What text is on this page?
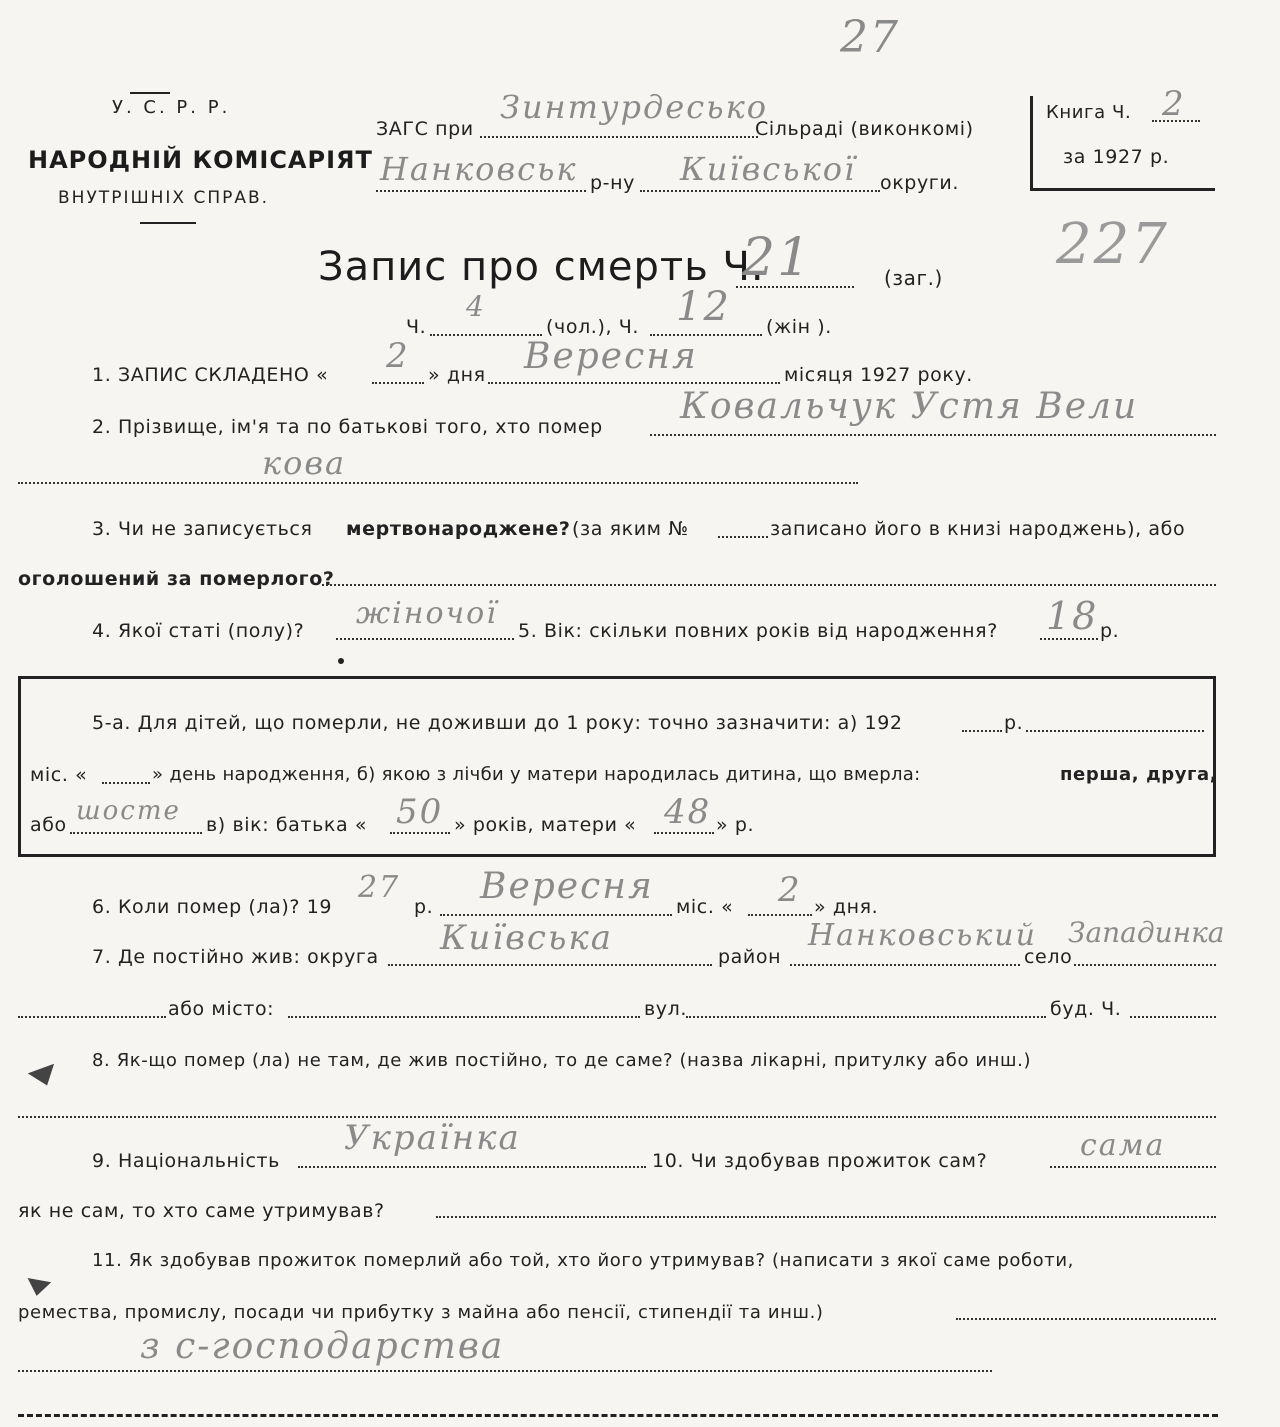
27
227
У. С. Р. Р.
НАРОДНІЙ КОМІСАРІЯТ
ВНУТРІШНІХ СПРАВ.
ЗАГС при
Зинтурдесько
Сільраді (виконкомі)
Нанковськ р-ну Київської округи.
Книга Ч. 2
за 1927 р.
Запис про смерть Ч.
21	(заг.)
Ч.
4
(чол.), Ч. 12 (жін ).
1. ЗАПИС СКЛАДЕНО « 2 » дня Вересня	місяця 1927 року.
2. Прізвище, ім'я та по батькові того, хто помер Ковальчук Устя Вели
кова
3. Чи не записується мертвонароджене? (за яким №	записано його в книзі народжень), або
оголошений за померлого?
4. Якої статі (полу)? жіночої 5. Вік: скільки повних років від народження? 18 р.
5-а. Для дітей, що померли, не доживши до 1 року: точно зазначити: а) 192	р.
міс. «	» день народження, б) якою з лічби у матери народилась дитина, що вмерла:	перша, друга,
або шосте в) вік: батька « 50 » років, матери « 48 » р.
6. Коли помер (ла)? 19
27
р. Вересня міс. « 2 » дня.
7. Де постійно жив: округа Київська	район
Нанковський
село
Западинка
або місто:	вул.	буд. Ч.
8. Як-що помер (ла) не там, де жив постійно, то де саме? (назва лікарні, притулку або инш.)
9. Національність
Українка
10. Чи здобував прожиток сам?	сама
як не сам, то хто саме утримував?
11. Як здобував прожиток померлий або той, хто його утримував? (написати з якої саме роботи,
ремества, промислу, посади чи прибутку з майна або пенсії, стипендії та инш.)
з с-господарства
